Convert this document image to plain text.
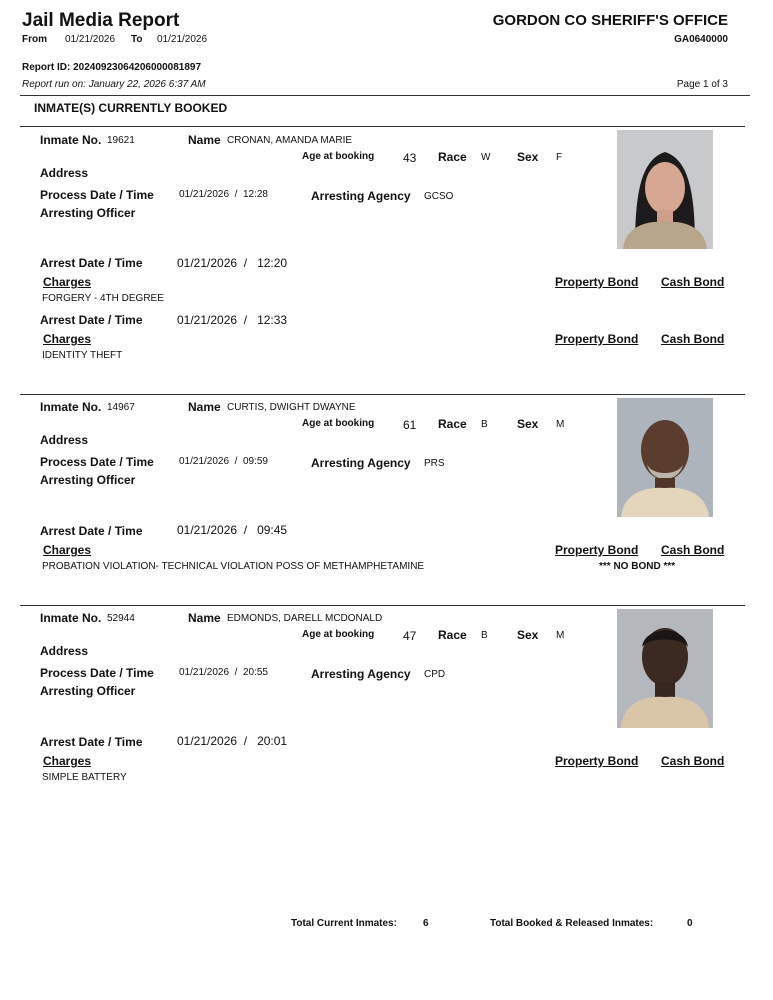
Jail Media Report
From 01/21/2026 To 01/21/2026
GORDON CO SHERIFF'S OFFICE
GA0640000
Report ID: 20240923064206000081897
Report run on: January 22, 2026 6:37 AM	Page 1 of 3
INMATE(S) CURRENTLY BOOKED
Inmate No. 19621	Name CRONAN, AMANDA MARIE
Age at booking 43 Race W Sex F
Address
Process Date / Time	01/21/2026  /  12:28	Arresting Agency GCSO
Arresting Officer
Arrest Date / Time	01/21/2026  /   12:20
Charges	Property Bond Cash Bond
FORGERY - 4TH DEGREE
Arrest Date / Time	01/21/2026  /   12:33
Charges	Property Bond Cash Bond
IDENTITY THEFT
Inmate No. 14967	Name CURTIS, DWIGHT DWAYNE
Age at booking 61 Race B Sex M
Address
Process Date / Time	01/21/2026  /  09:59	Arresting Agency PRS
Arresting Officer
Arrest Date / Time	01/21/2026  /   09:45
Charges	Property Bond Cash Bond
PROBATION VIOLATION- TECHNICAL VIOLATION POSS OF METHAMPHETAMINE	*** NO BOND ***
Inmate No. 52944	Name EDMONDS, DARELL MCDONALD
Age at booking 47 Race B Sex M
Address
Process Date / Time	01/21/2026  /  20:55	Arresting Agency CPD
Arresting Officer
Arrest Date / Time	01/21/2026  /   20:01
Charges	Property Bond Cash Bond
SIMPLE BATTERY
Total Current Inmates:	6	Total Booked & Released Inmates:	0
